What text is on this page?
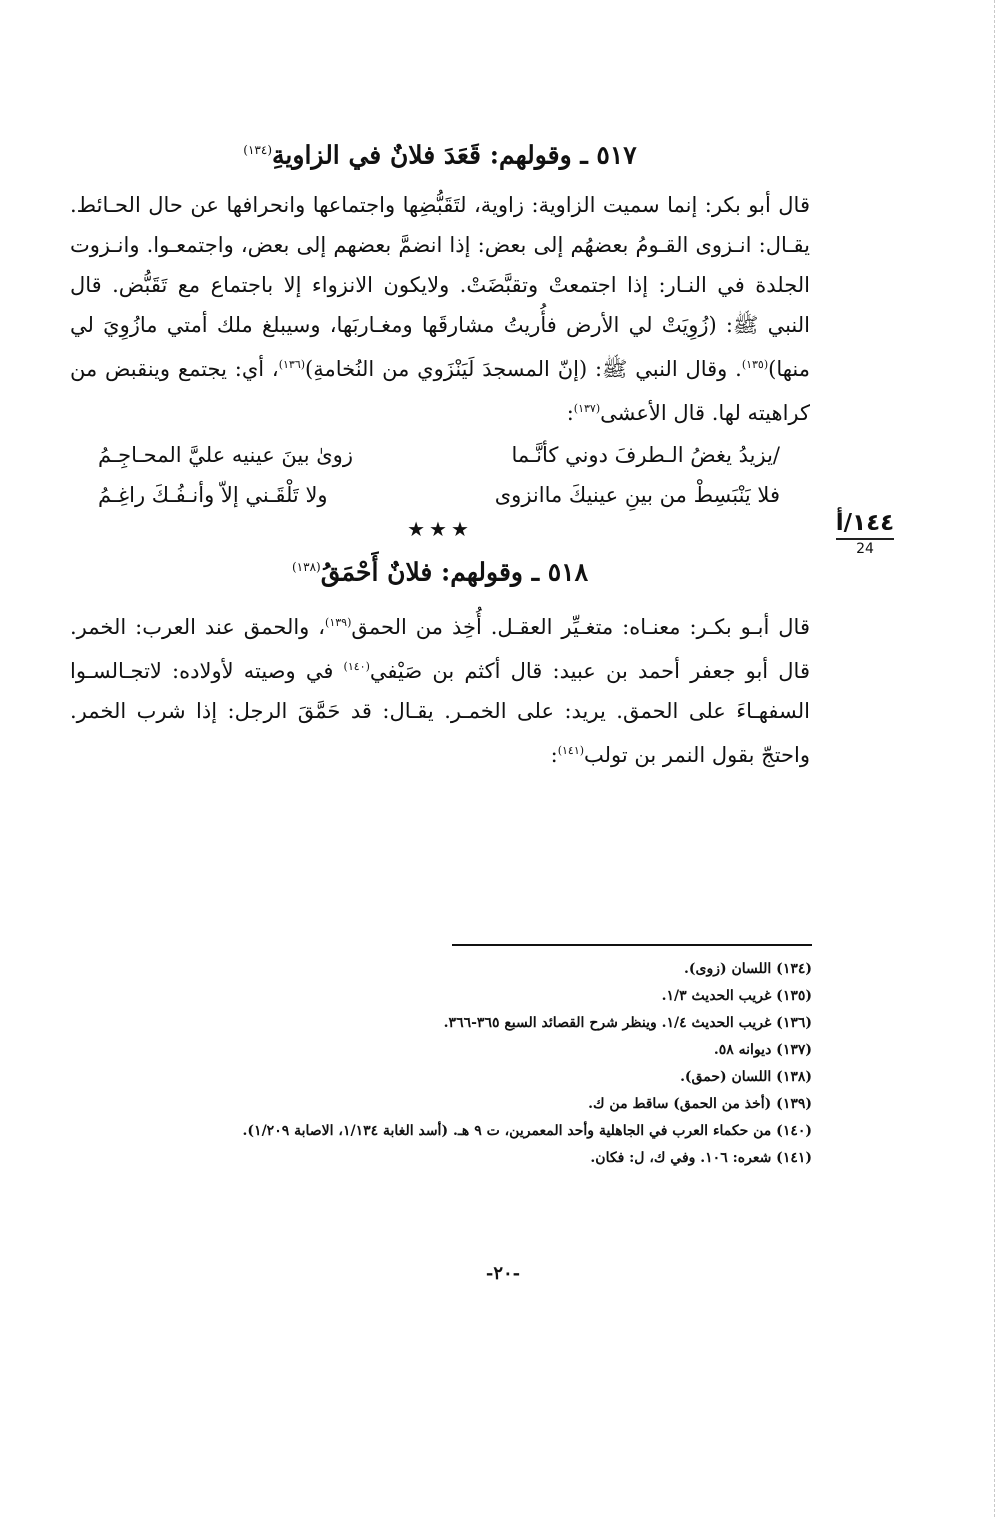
٥١٧ ـ وقولهم: قَعَدَ فلانٌ في الزاويةِ$^{(١٣٤)}$

قال أبو بكر: إنما سميت الزاوية: زاوية، لتَقَبُّضِها واجتماعها وانحرافها عن حال الحـائط. يقـال: انـزوى القـومُ بعضهُم إلى بعض: إذا انضمَّ بعضهم إلى بعض، واجتمعـوا. وانـزوت الجلدة في النـار: إذا اجتمعتْ وتقبَّضَتْ. ولايكون الانزواء إلا باجتماع مع تَقَبُّض. قال النبي ﷺ: (زُوِيَتْ لي الأرض فأُريتُ مشارقَها ومغـاربَها، وسيبلغ ملك أمتي مازُوِيَ لي منها)$^{(١٣٥)}$. وقال النبي ﷺ: (إنّ المسجدَ لَيَنْزَوي من النُخامةِ)$^{(١٣٦)}$، أي: يجتمع وينقبض من كراهيته لها. قال الأعشى$^{(١٣٧)}$:

/يزيدُ يغضُ الـطرفَ دوني كأنَّـما
زوىٰ بينَ عينيه عليَّ المحـاجِـمُ
فلا يَنْبَسِطْ من بينِ عينيكَ ماانزوى
ولا تَلْقَـني إلاّ وأنـفُـكَ راغِـمُ
★★★
٥١٨ ـ وقولهم: فلانٌ أَحْمَقُ$^{(١٣٨)}$

قال أبـو بكـر: معنـاه: متغـيِّر العقـل. أُخِذ من الحمق$^{(١٣٩)}$، والحمق عند العرب: الخمر. قال أبو جعفر أحمد بن عبيد: قال أكثم بن صَيْفي$^{(١٤٠)}$ في وصيته لأولاده: لاتجـالسـوا السفهـاءَ على الحمق. يريد: على الخمـر. يقـال: قد حَمَّقَ الرجل: إذا شرب الخمر. واحتجّ بقول النمر بن تولب$^{(١٤١)}$:

١٤٤/أ
24

(١٣٤) اللسان (زوى).

(١٣٥) غريب الحديث ١/٣.

(١٣٦) غريب الحديث ١/٤. وينظر شرح القصائد السبع ٣٦٥-٣٦٦.

(١٣٧) ديوانه ٥٨.

(١٣٨) اللسان (حمق).

(١٣٩) (أخذ من الحمق) ساقط من ك.

(١٤٠) من حكماء العرب في الجاهلية وأحد المعمرين، ت ٩ هـ. (أسد الغابة ١/١٣٤، الاصابة ١/٢٠٩).

(١٤١) شعره: ١٠٦. وفي ك، ل: فكان.

-٢٠-
